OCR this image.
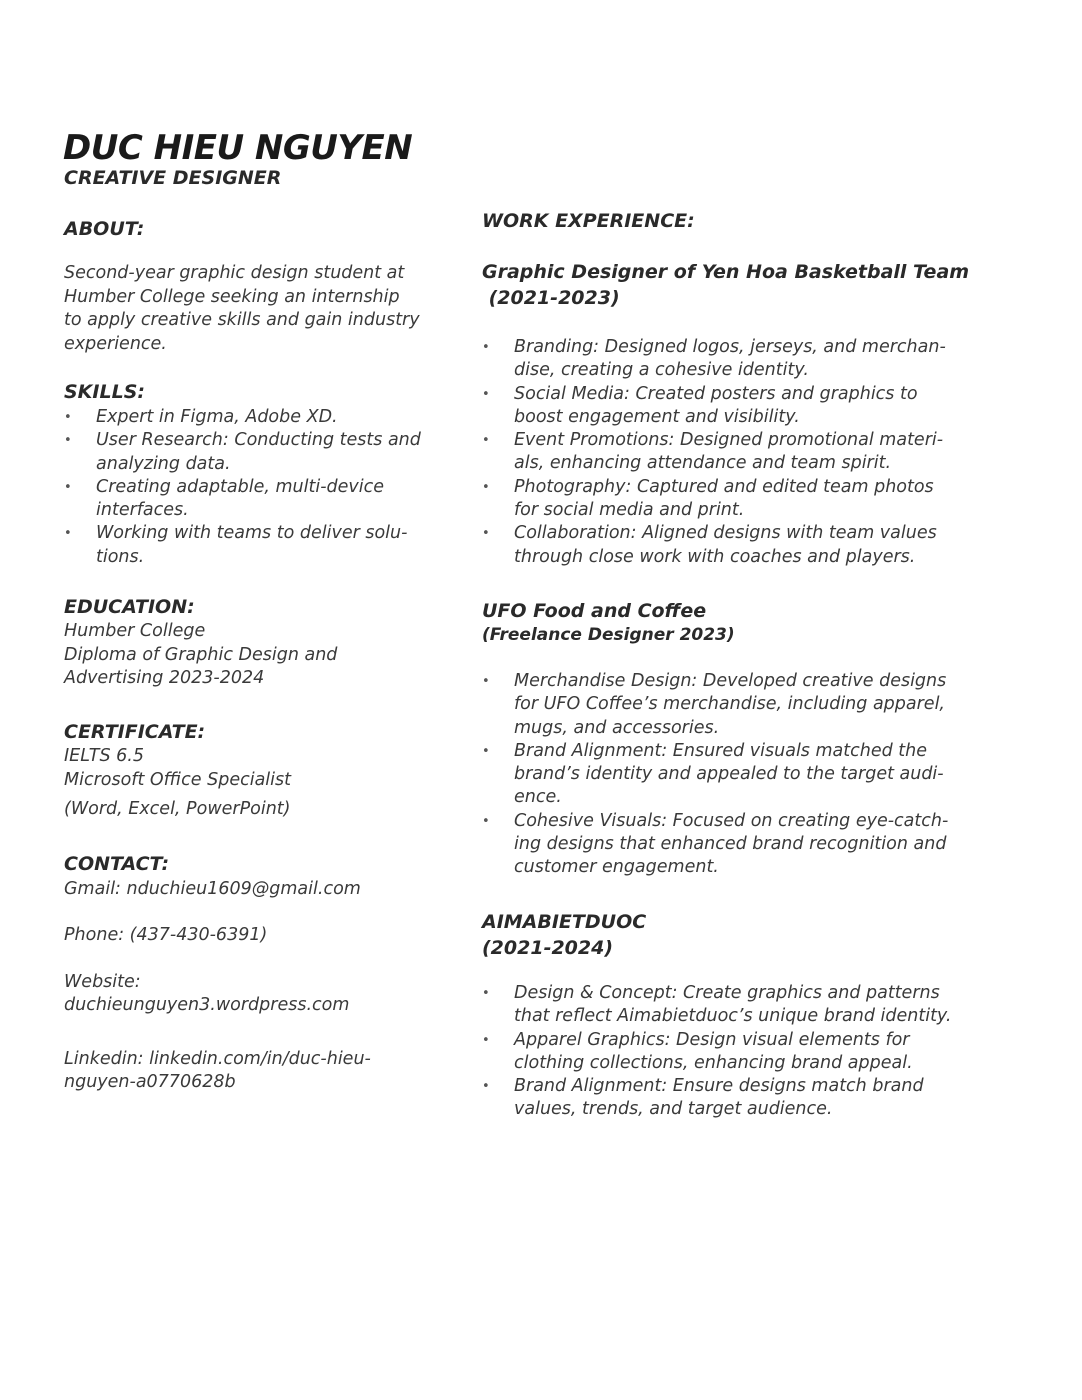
DUC HIEU NGUYEN
CREATIVE DESIGNER
ABOUT:
Second-year graphic design student at
Humber College seeking an internship
to apply creative skills and gain industry
experience.
SKILLS:
• Expert in Figma, Adobe XD.
• User Research: Conducting tests and
analyzing data.
• Creating adaptable, multi-device
interfaces.
• Working with teams to deliver solu-
tions.
EDUCATION:
Humber College
Diploma of Graphic Design and
Advertising 2023-2024
CERTIFICATE:
IELTS 6.5
Microsoft Office Specialist
(Word, Excel, PowerPoint)
CONTACT:
Gmail: nduchieu1609@gmail.com
Phone: (437-430-6391)
Website:
duchieunguyen3.wordpress.com
Linkedin: linkedin.com/in/duc-hieu-
nguyen-a0770628b
WORK EXPERIENCE:
Graphic Designer of Yen Hoa Basketball Team
(2021-2023)
• Branding: Designed logos, jerseys, and merchan-
dise, creating a cohesive identity.
• Social Media: Created posters and graphics to
boost engagement and visibility.
• Event Promotions: Designed promotional materi-
als, enhancing attendance and team spirit.
• Photography: Captured and edited team photos
for social media and print.
• Collaboration: Aligned designs with team values
through close work with coaches and players.
UFO Food and Coffee
(Freelance Designer 2023)
• Merchandise Design: Developed creative designs
for UFO Coffee’s merchandise, including apparel,
mugs, and accessories.
• Brand Alignment: Ensured visuals matched the
brand’s identity and appealed to the target audi-
ence.
• Cohesive Visuals: Focused on creating eye-catch-
ing designs that enhanced brand recognition and
customer engagement.
AIMABIETDUOC
(2021-2024)
• Design & Concept: Create graphics and patterns
that reflect Aimabietduoc’s unique brand identity.
• Apparel Graphics: Design visual elements for
clothing collections, enhancing brand appeal.
• Brand Alignment: Ensure designs match brand
values, trends, and target audience.
